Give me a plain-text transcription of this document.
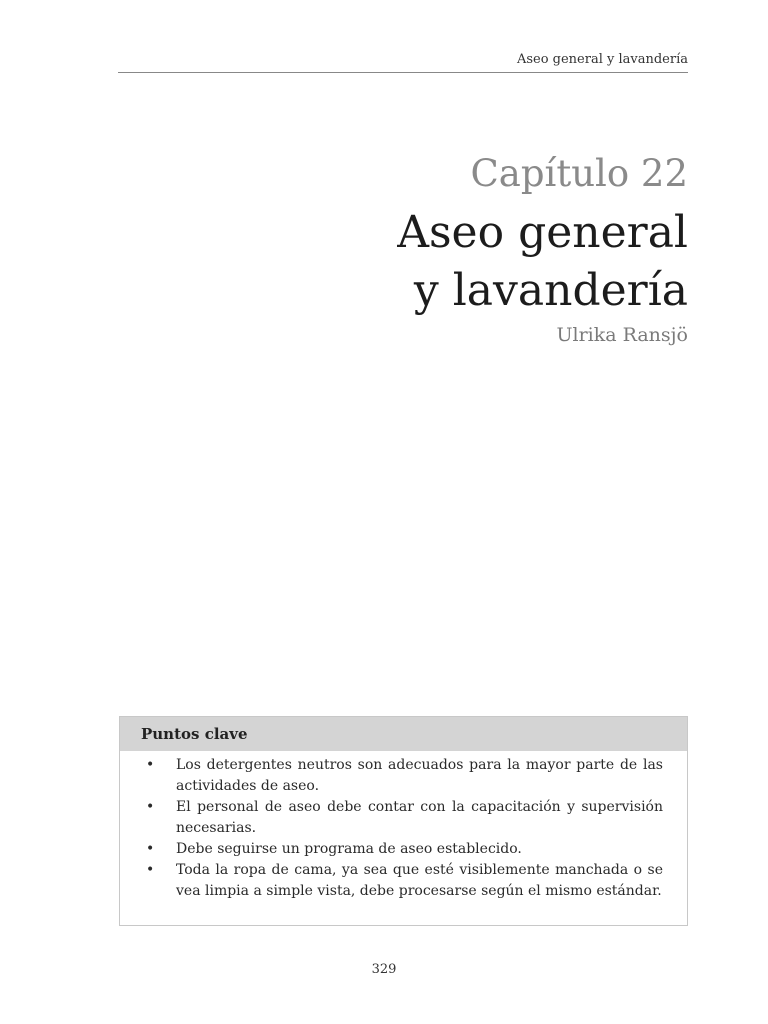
Aseo general y lavandería
Capítulo 22
Aseo general
y lavandería
Ulrika Ransjö
Puntos clave
• Los detergentes neutros son adecuados para la mayor parte de las actividades de aseo.
• El personal de aseo debe contar con la capacitación y supervisión necesarias.
• Debe seguirse un programa de aseo establecido.
• Toda la ropa de cama, ya sea que esté visiblemente manchada o se vea limpia a simple vista, debe procesarse según el mismo estándar.
329
